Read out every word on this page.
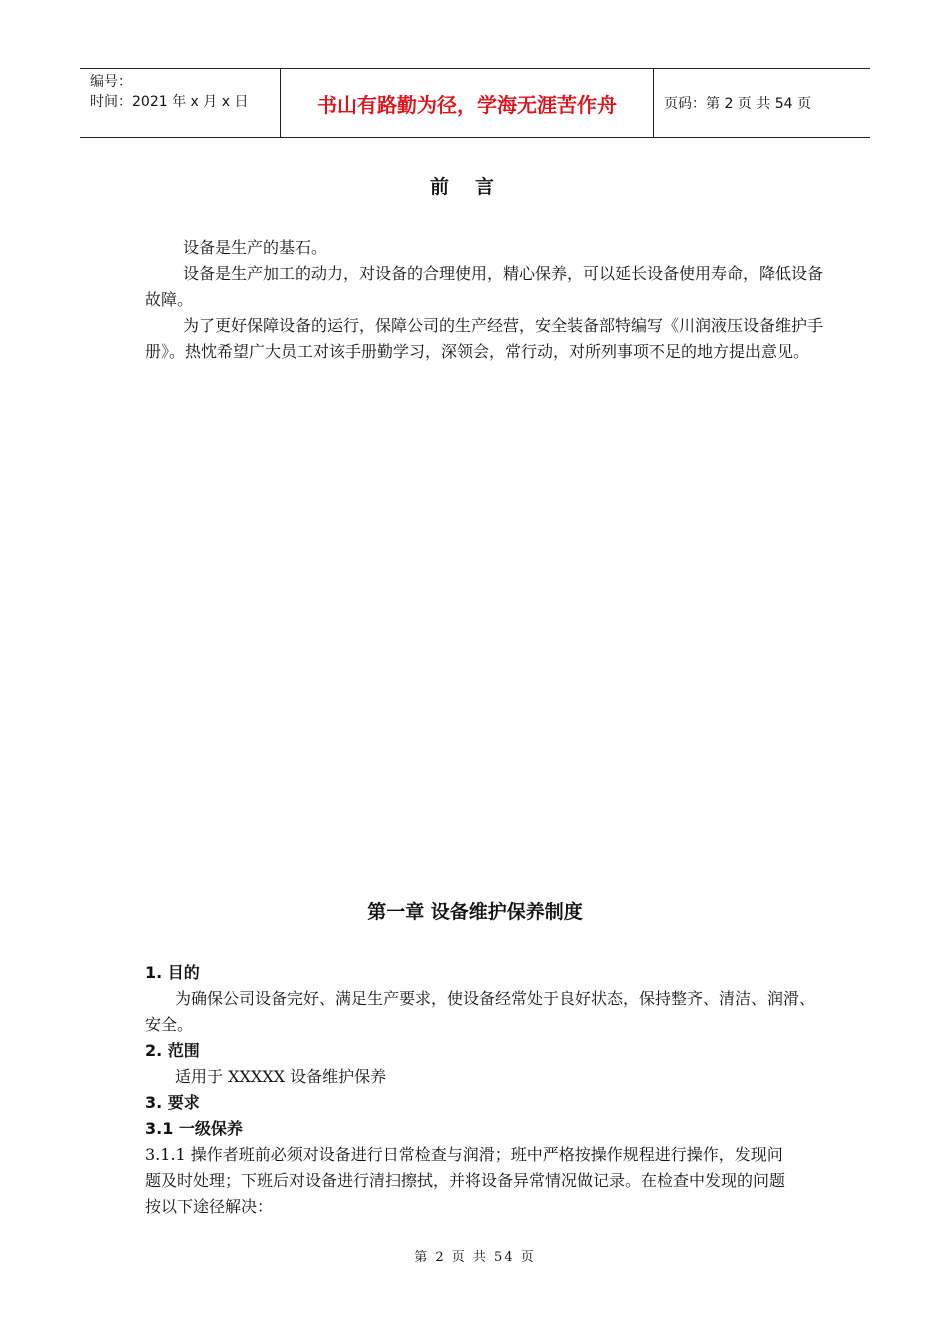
编号：
时间：2021 年 x 月 x 日	书山有路勤为径，学海无涯苦作舟	页码：第 2 页 共 54 页
前言

设备是生产的基石。

设备是生产加工的动力，对设备的合理使用，精心保养，可以延长设备使用寿命，降低设备故障。

为了更好保障设备的运行，保障公司的生产经营，安全装备部特编写《川润液压设备维护手册》。热忱希望广大员工对该手册勤学习，深领会，常行动，对所列事项不足的地方提出意见。

第一章 设备维护保养制度

1. 目的

为确保公司设备完好、满足生产要求，使设备经常处于良好状态，保持整齐、清洁、润滑、安全。

2. 范围

适用于 XXXXX 设备维护保养

3. 要求

3.1 一级保养

3.1.1 操作者班前必须对设备进行日常检查与润滑；班中严格按操作规程进行操作，发现问题及时处理；下班后对设备进行清扫擦拭，并将设备异常情况做记录。在检查中发现的问题按以下途径解决：

第 2 页 共 54 页
